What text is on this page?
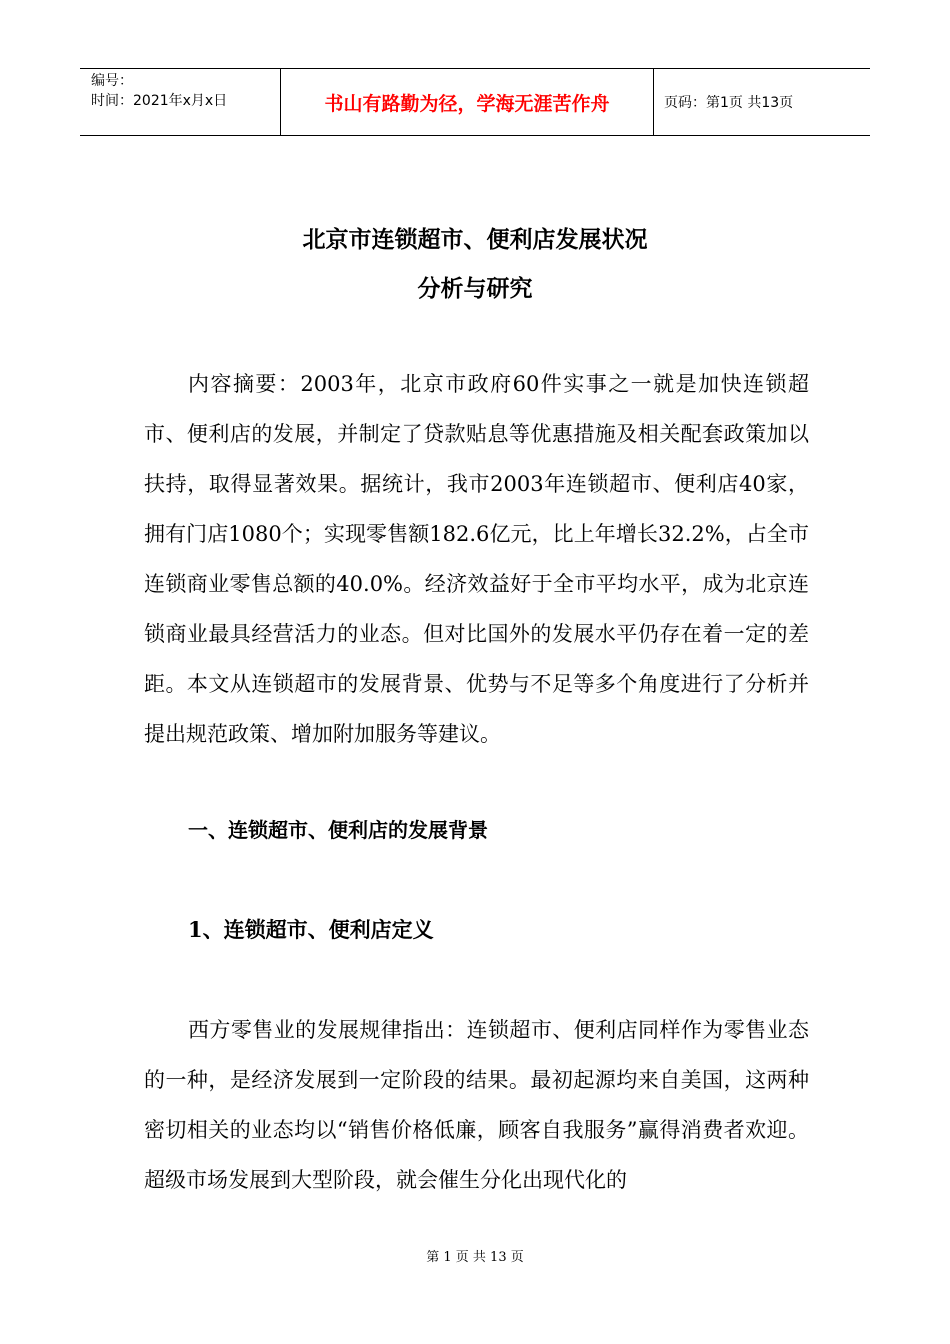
编号：
时间：2021年x月x日	书山有路勤为径，学海无涯苦作舟	页码：第1页 共13页
北京市连锁超市、便利店发展状况
分析与研究

内容摘要：2003年，北京市政府60件实事之一就是加快连锁超市、便利店的发展，并制定了贷款贴息等优惠措施及相关配套政策加以扶持，取得显著效果。据统计，我市2003年连锁超市、便利店40家，拥有门店1080个；实现零售额182.6亿元，比上年增长32.2%，占全市连锁商业零售总额的40.0%。经济效益好于全市平均水平，成为北京连锁商业最具经营活力的业态。但对比国外的发展水平仍存在着一定的差距。本文从连锁超市的发展背景、优势与不足等多个角度进行了分析并提出规范政策、增加附加服务等建议。

一、连锁超市、便利店的发展背景
1、连锁超市、便利店定义

西方零售业的发展规律指出：连锁超市、便利店同样作为零售业态的一种，是经济发展到一定阶段的结果。最初起源均来自美国，这两种密切相关的业态均以“销售价格低廉，顾客自我服务”赢得消费者欢迎。超级市场发展到大型阶段，就会催生分化出现代化的

第 1 页 共 13 页
